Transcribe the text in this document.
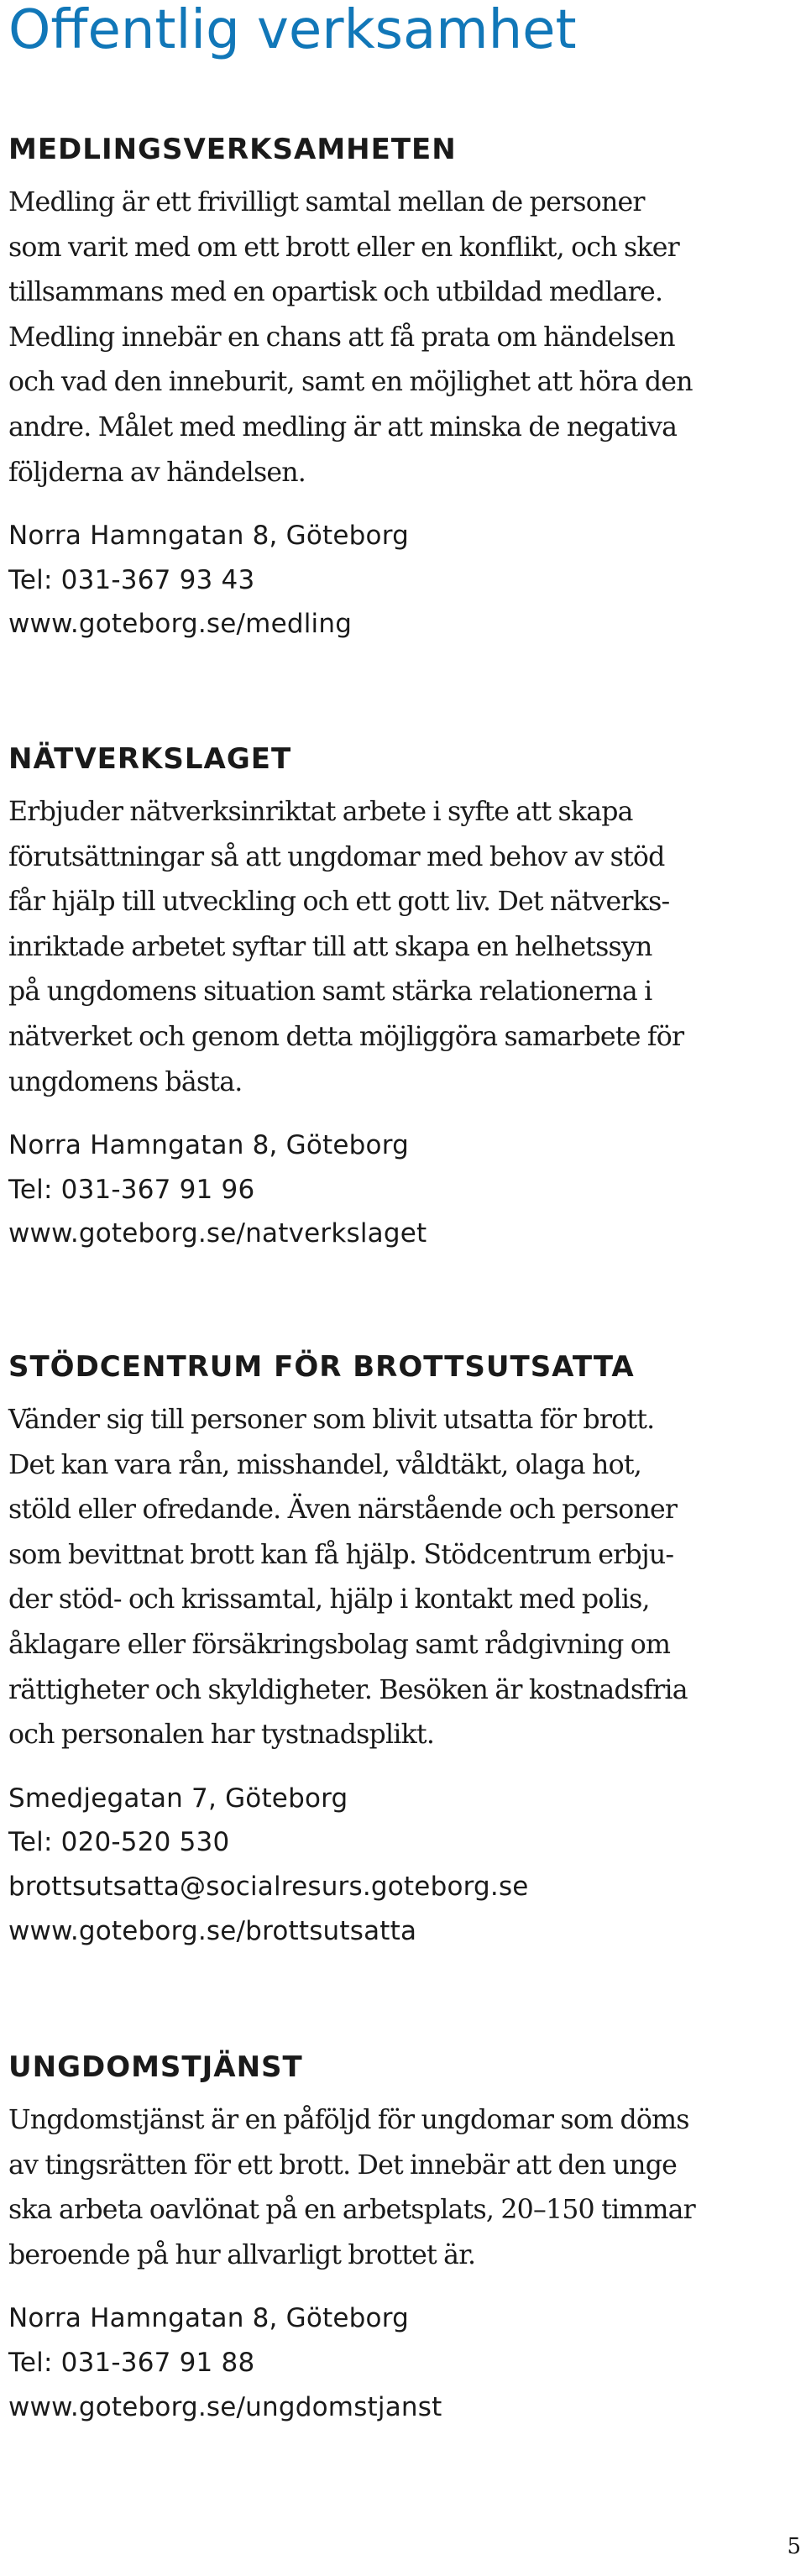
Offentlig verksamhet
MEDLINGSVERKSAMHETEN
Medling är ett frivilligt samtal mellan de personer
som varit med om ett brott eller en konflikt, och sker
tillsammans med en opartisk och utbildad medlare.
Medling innebär en chans att få prata om händelsen
och vad den inneburit, samt en möjlighet att höra den
andre. Målet med medling är att minska de negativa
följderna av händelsen.
Norra Hamngatan 8, Göteborg
Tel: 031-367 93 43
www.goteborg.se/medling
NÄTVERKSLAGET
Erbjuder nätverksinriktat arbete i syfte att skapa
förutsättningar så att ungdomar med behov av stöd
får hjälp till utveckling och ett gott liv. Det nätverks-
inriktade arbetet syftar till att skapa en helhetssyn
på ungdomens situation samt stärka relationerna i
nätverket och genom detta möjliggöra samarbete för
ungdomens bästa.
Norra Hamngatan 8, Göteborg
Tel: 031-367 91 96
www.goteborg.se/natverkslaget
STÖDCENTRUM FÖR BROTTSUTSATTA
Vänder sig till personer som blivit utsatta för brott.
Det kan vara rån, misshandel, våldtäkt, olaga hot,
stöld eller ofredande. Även närstående och personer
som bevittnat brott kan få hjälp. Stödcentrum erbju-
der stöd- och krissamtal, hjälp i kontakt med polis,
åklagare eller försäkringsbolag samt rådgivning om
rättigheter och skyldigheter. Besöken är kostnadsfria
och personalen har tystnadsplikt.
Smedjegatan 7, Göteborg
Tel: 020-520 530
brottsutsatta@socialresurs.goteborg.se
www.goteborg.se/brottsutsatta
UNGDOMSTJÄNST
Ungdomstjänst är en påföljd för ungdomar som döms
av tingsrätten för ett brott. Det innebär att den unge
ska arbeta oavlönat på en arbetsplats, 20–150 timmar
beroende på hur allvarligt brottet är.
Norra Hamngatan 8, Göteborg
Tel: 031-367 91 88
www.goteborg.se/ungdomstjanst
5
